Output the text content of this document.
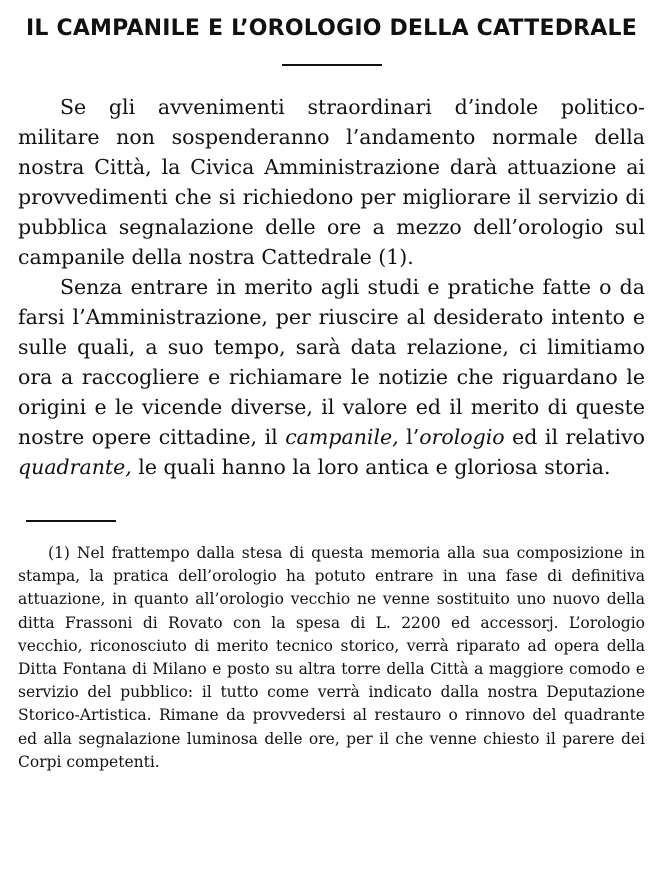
IL CAMPANILE E L’OROLOGIO DELLA CATTEDRALE

Se gli avvenimenti straordinari d’indole politico-militare non sospenderanno l’andamento normale della nostra Città, la Civica Amministrazione darà attuazione ai provvedimenti che si richiedono per migliorare il servizio di pubblica segnalazione delle ore a mezzo dell’orologio sul campanile della nostra Cattedrale (1).

Senza entrare in merito agli studi e pratiche fatte o da farsi l’Amministrazione, per riuscire al desiderato intento e sulle quali, a suo tempo, sarà data relazione, ci limitiamo ora a raccogliere e richiamare le notizie che riguardano le origini e le vicende diverse, il valore ed il merito di queste nostre opere cittadine, il campanile, l’orologio ed il relativo quadrante, le quali hanno la loro antica e gloriosa storia.

(1) Nel frattempo dalla stesa di questa memoria alla sua composizione in stampa, la pratica dell’orologio ha potuto entrare in una fase di definitiva attuazione, in quanto all’orologio vecchio ne venne sostituito uno nuovo della ditta Frassoni di Rovato con la spesa di L. 2200 ed accessorj. L’orologio vecchio, riconosciuto di merito tecnico storico, verrà riparato ad opera della Ditta Fontana di Milano e posto su altra torre della Città a maggiore comodo e servizio del pubblico: il tutto come verrà indicato dalla nostra Deputazione Storico-Artistica. Rimane da provvedersi al restauro o rinnovo del quadrante ed alla segnalazione luminosa delle ore, per il che venne chiesto il parere dei Corpi competenti.
